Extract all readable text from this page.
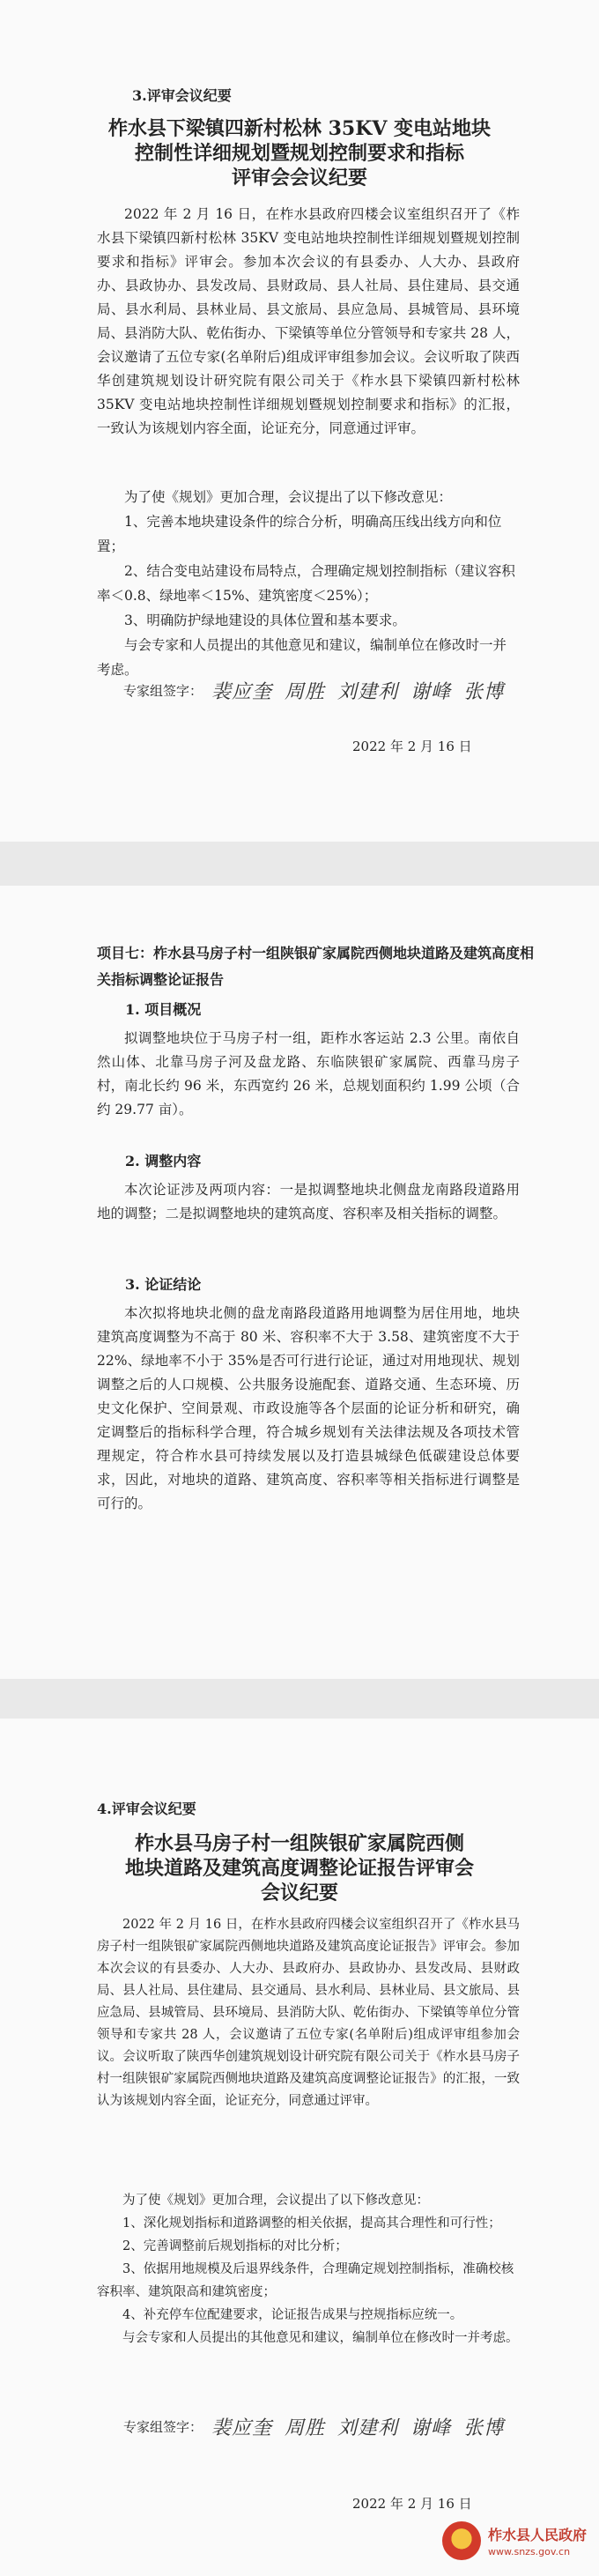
3.评审会议纪要
柞水县下梁镇四新村松林 35KV 变电站地块
控制性详细规划暨规划控制要求和指标
评审会会议纪要

2022 年 2 月 16 日，在柞水县政府四楼会议室组织召开了《柞水县下梁镇四新村松林 35KV 变电站地块控制性详细规划暨规划控制要求和指标》评审会。参加本次会议的有县委办、人大办、县政府办、县政协办、县发改局、县财政局、县人社局、县住建局、县交通局、县水利局、县林业局、县文旅局、县应急局、县城管局、县环境局、县消防大队、乾佑街办、下梁镇等单位分管领导和专家共 28 人，会议邀请了五位专家(名单附后)组成评审组参加会议。会议听取了陕西华创建筑规划设计研究院有限公司关于《柞水县下梁镇四新村松林 35KV 变电站地块控制性详细规划暨规划控制要求和指标》的汇报，一致认为该规划内容全面，论证充分，同意通过评审。

为了使《规划》更加合理，会议提出了以下修改意见：

1、完善本地块建设条件的综合分析，明确高压线出线方向和位置；

2、结合变电站建设布局特点，合理确定规划控制指标（建议容积率＜0.8、绿地率＜15%、建筑密度＜25%）；

3、明确防护绿地建设的具体位置和基本要求。

与会专家和人员提出的其他意见和建议，编制单位在修改时一并考虑。

专家组签字： 裴应奎 周胜 刘建利 谢峰 张博
2022 年 2 月 16 日
项目七：柞水县马房子村一组陕银矿家属院西侧地块道路及建筑高度相关指标调整论证报告
1. 项目概况

拟调整地块位于马房子村一组，距柞水客运站 2.3 公里。南依自然山体、北靠马房子河及盘龙路、东临陕银矿家属院、西靠马房子村，南北长约 96 米，东西宽约 26 米，总规划面积约 1.99 公顷（合约 29.77 亩）。

2. 调整内容

本次论证涉及两项内容：一是拟调整地块北侧盘龙南路段道路用地的调整；二是拟调整地块的建筑高度、容积率及相关指标的调整。

3. 论证结论

本次拟将地块北侧的盘龙南路段道路用地调整为居住用地，地块建筑高度调整为不高于 80 米、容积率不大于 3.58、建筑密度不大于 22%、绿地率不小于 35%是否可行进行论证，通过对用地现状、规划调整之后的人口规模、公共服务设施配套、道路交通、生态环境、历史文化保护、空间景观、市政设施等各个层面的论证分析和研究，确定调整后的指标科学合理，符合城乡规划有关法律法规及各项技术管理规定，符合柞水县可持续发展以及打造县城绿色低碳建设总体要求，因此，对地块的道路、建筑高度、容积率等相关指标进行调整是可行的。

4.评审会议纪要
柞水县马房子村一组陕银矿家属院西侧
地块道路及建筑高度调整论证报告评审会
会议纪要

2022 年 2 月 16 日，在柞水县政府四楼会议室组织召开了《柞水县马房子村一组陕银矿家属院西侧地块道路及建筑高度论证报告》评审会。参加本次会议的有县委办、人大办、县政府办、县政协办、县发改局、县财政局、县人社局、县住建局、县交通局、县水利局、县林业局、县文旅局、县应急局、县城管局、县环境局、县消防大队、乾佑街办、下梁镇等单位分管领导和专家共 28 人，会议邀请了五位专家(名单附后)组成评审组参加会议。会议听取了陕西华创建筑规划设计研究院有限公司关于《柞水县马房子村一组陕银矿家属院西侧地块道路及建筑高度调整论证报告》的汇报，一致认为该规划内容全面，论证充分，同意通过评审。

为了使《规划》更加合理，会议提出了以下修改意见：

1、深化规划指标和道路调整的相关依据，提高其合理性和可行性；

2、完善调整前后规划指标的对比分析；

3、依据用地规模及后退界线条件，合理确定规划控制指标，准确校核容积率、建筑限高和建筑密度；

4、补充停车位配建要求，论证报告成果与控规指标应统一。

与会专家和人员提出的其他意见和建议，编制单位在修改时一并考虑。

专家组签字： 裴应奎 周胜 刘建利 谢峰 张博
2022 年 2 月 16 日
柞水县人民政府
www.snzs.gov.cn
